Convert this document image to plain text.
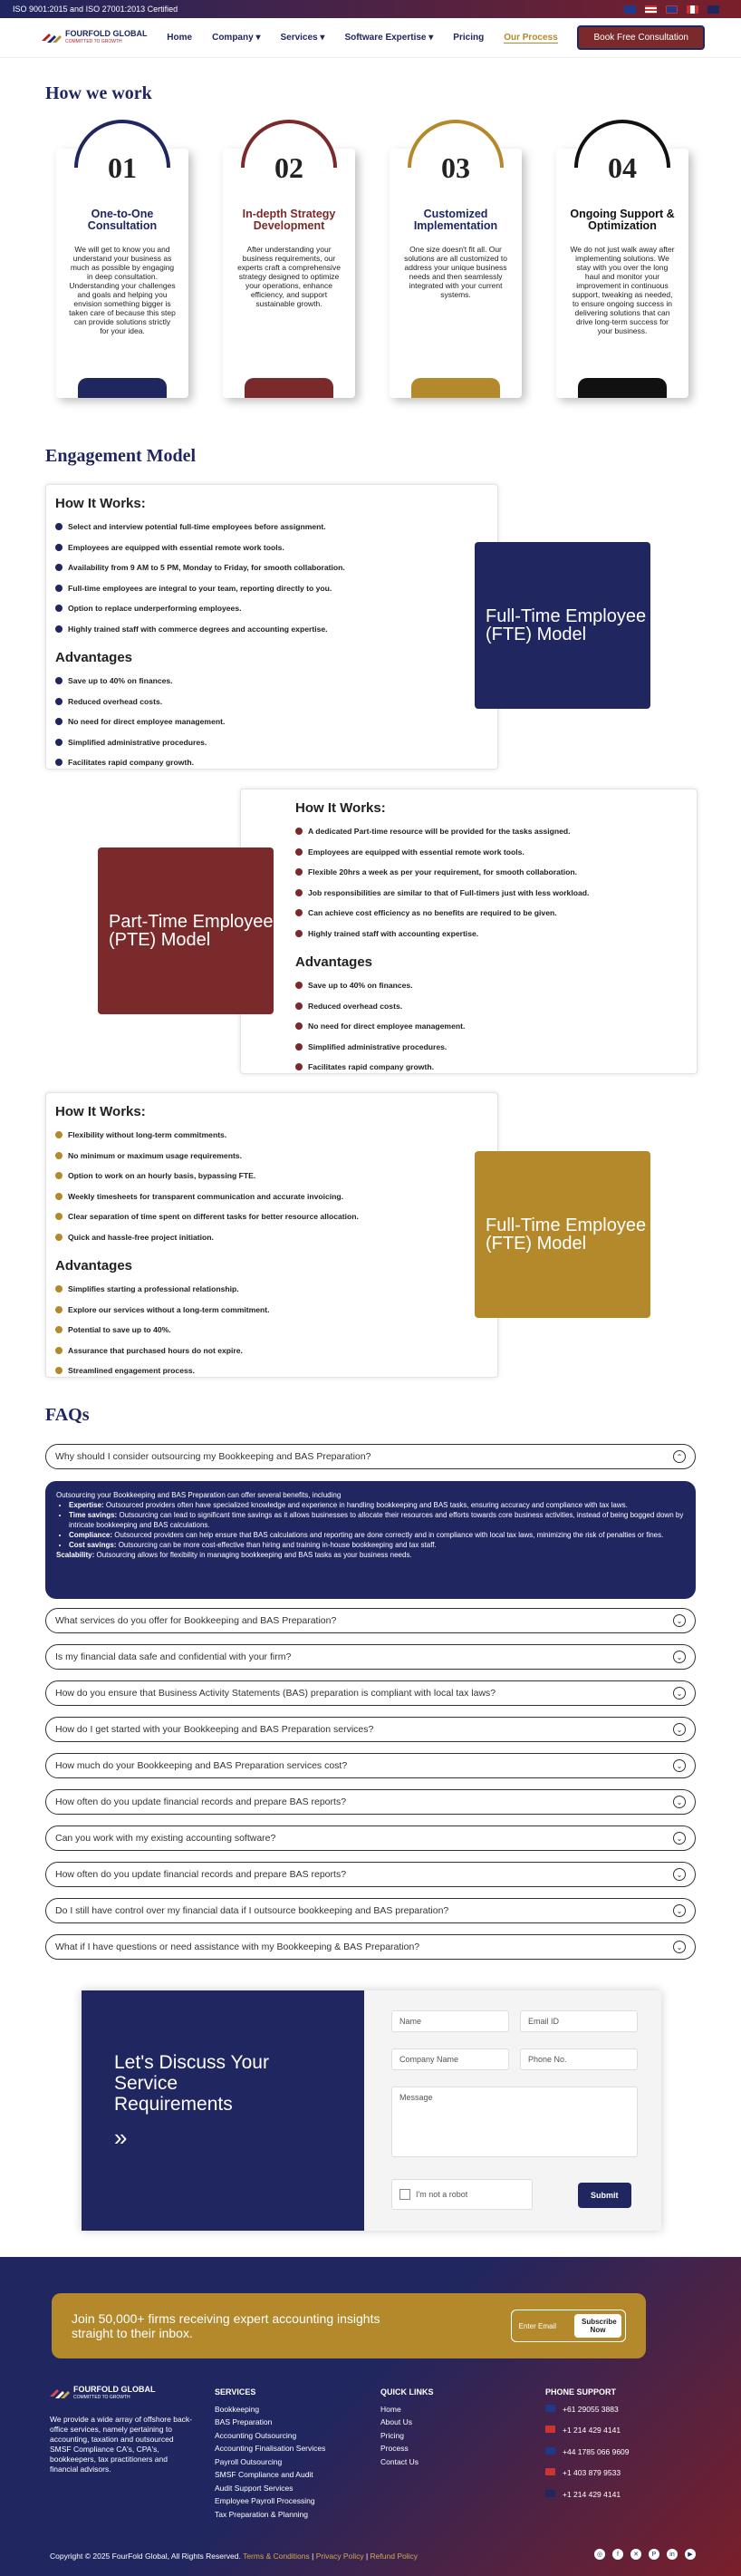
ISO 9001:2015 and ISO 27001:2013 Certified
FOURFOLD GLOBAL
COMMITTED TO GROWTH	Home Company ▾ Services ▾ Software Expertise ▾ Pricing Our Process	Book Free Consultation
How we work
01
One-to-One Consultation

We will get to know you and understand your business as much as possible by engaging in deep consultation. Understanding your challenges and goals and helping you envision something bigger is taken care of because this step can provide solutions strictly for your idea.

02
In-depth Strategy Development

After understanding your business requirements, our experts craft a comprehensive strategy designed to optimize your operations, enhance efficiency, and support sustainable growth.

03
Customized Implementation

One size doesn't fit all. Our solutions are all customized to address your unique business needs and then seamlessly integrated with your current systems.

04
Ongoing Support & Optimization

We do not just walk away after implementing solutions. We stay with you over the long haul and monitor your improvement in continuous support, tweaking as needed, to ensure ongoing success in delivering solutions that can drive long-term success for your business.

Engagement Model
How It Works:
Select and interview potential full-time employees before assignment.
Employees are equipped with essential remote work tools.
Availability from 9 AM to 5 PM, Monday to Friday, for smooth collaboration.
Full-time employees are integral to your team, reporting directly to you.
Option to replace underperforming employees.
Highly trained staff with commerce degrees and accounting expertise.
Advantages
Save up to 40% on finances.
Reduced overhead costs.
No need for direct employee management.
Simplified administrative procedures.
Facilitates rapid company growth.
Full-Time Employee (FTE) Model
How It Works:
A dedicated Part-time resource will be provided for the tasks assigned.
Employees are equipped with essential remote work tools.
Flexible 20hrs a week as per your requirement, for smooth collaboration.
Job responsibilities are similar to that of Full-timers just with less workload.
Can achieve cost efficiency as no benefits are required to be given.
Highly trained staff with accounting expertise.
Advantages
Save up to 40% on finances.
Reduced overhead costs.
No need for direct employee management.
Simplified administrative procedures.
Facilitates rapid company growth.
Part-Time Employee (PTE) Model
How It Works:
Flexibility without long-term commitments.
No minimum or maximum usage requirements.
Option to work on an hourly basis, bypassing FTE.
Weekly timesheets for transparent communication and accurate invoicing.
Clear separation of time spent on different tasks for better resource allocation.
Quick and hassle-free project initiation.
Advantages
Simplifies starting a professional relationship.
Explore our services without a long-term commitment.
Potential to save up to 40%.
Assurance that purchased hours do not expire.
Streamlined engagement process.
Full-Time Employee (FTE) Model
FAQs
Why should I consider outsourcing my Bookkeeping and BAS Preparation?	⌃
Outsourcing your Bookkeeping and BAS Preparation can offer several benefits, including
• Expertise: Outsourced providers often have specialized knowledge and experience in handling bookkeeping and BAS tasks, ensuring accuracy and compliance with tax laws.
• Time savings: Outsourcing can lead to significant time savings as it allows businesses to allocate their resources and efforts towards core business activities, instead of being bogged down by intricate bookkeeping and BAS calculations.
• Compliance: Outsourced providers can help ensure that BAS calculations and reporting are done correctly and in compliance with local tax laws, minimizing the risk of penalties or fines.
• Cost savings: Outsourcing can be more cost-effective than hiring and training in-house bookkeeping and tax staff.
Scalability: Outsourcing allows for flexibility in managing bookkeeping and BAS tasks as your business needs.
What services do you offer for Bookkeeping and BAS Preparation?	⌄
Is my financial data safe and confidential with your firm?	⌄
How do you ensure that Business Activity Statements (BAS) preparation is compliant with local tax laws?	⌄
How do I get started with your Bookkeeping and BAS Preparation services?	⌄
How much do your Bookkeeping and BAS Preparation services cost?	⌄
How often do you update financial records and prepare BAS reports?	⌄
Can you work with my existing accounting software?	⌄
How often do you update financial records and prepare BAS reports?	⌄
Do I still have control over my financial data if I outsource bookkeeping and BAS preparation?	⌄
What if I have questions or need assistance with my Bookkeeping & BAS Preparation?	⌄
Let's Discuss Your Service Requirements
»
Name	Email ID
Company Name	Phone No.
Message
I'm not a robot	Submit
Join 50,000+ firms receiving expert accounting insights straight to their inbox.	Enter Email	Subscribe Now
FOURFOLD GLOBAL
COMMITTED TO GROWTH
We provide a wide array of offshore back-office services, namely pertaining to accounting, taxation and outsourced SMSF Compliance CA's, CPA's, bookkeepers, tax practitioners and financial advisors.
SERVICES
Bookkeeping
BAS Preparation
Accounting Outsourcing
Accounting Finalisation Services
Payroll Outsourcing
SMSF Compliance and Audit
Audit Support Services
Employee Payroll Processing
Tax Preparation & Planning
QUICK LINKS
Home
About Us
Pricing
Process
Contact Us
PHONE SUPPORT
+61 29055 3883
+1 214 429 4141
+44 1785 066 9609
+1 403 879 9533
+1 214 429 4141
Copyright © 2025 FourFold Global, All Rights Reserved. Terms & Conditions | Privacy Policy | Refund Policy	◎	f	✕	P	in	▶
